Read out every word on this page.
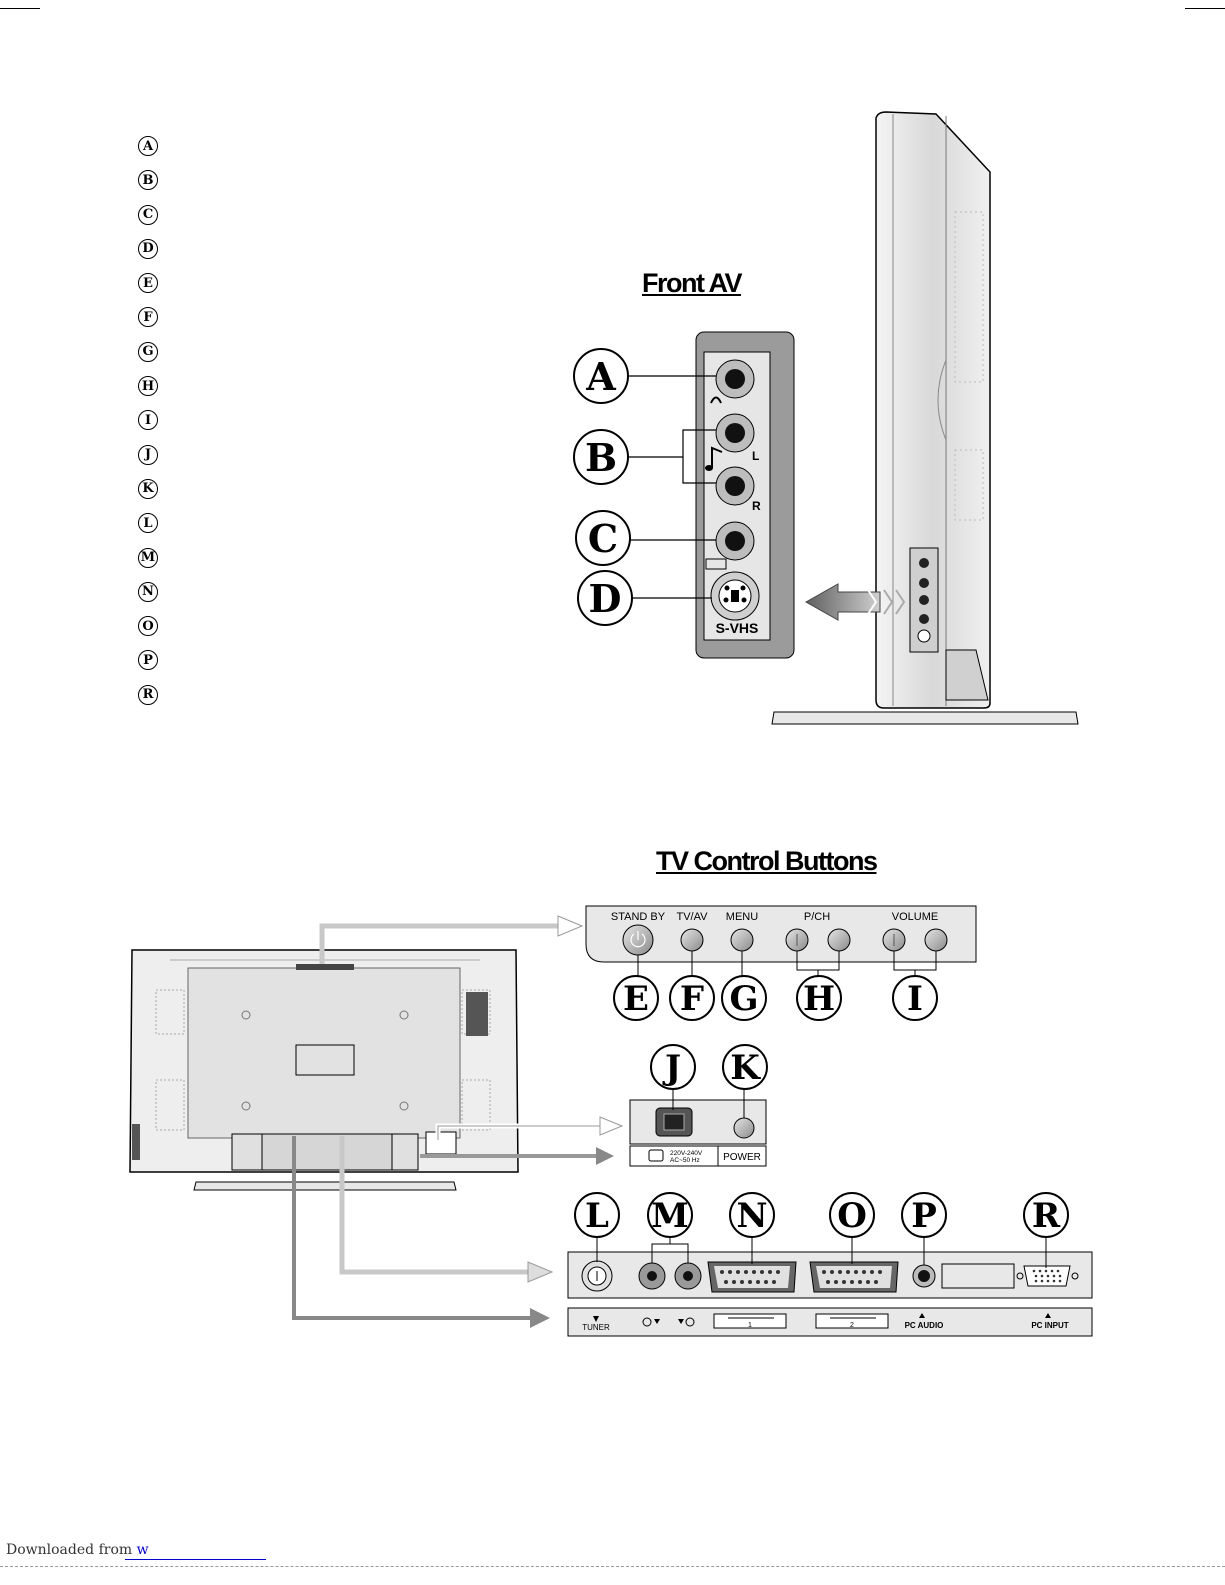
A
B
C
D
E
F
G
H
I
J
K
L
M
N
O
P
R
Front AV
TV Control Buttons
L
R
S-VHS
A
B
C
D
STAND BY TV/AV MENU	P/CH	VOLUME
E F G H I
220V-240V
AC~50 Hz POWER
J K
TUNER	1	2	PC AUDIO	PC INPUT
L M N O P	R
Downloaded from w
